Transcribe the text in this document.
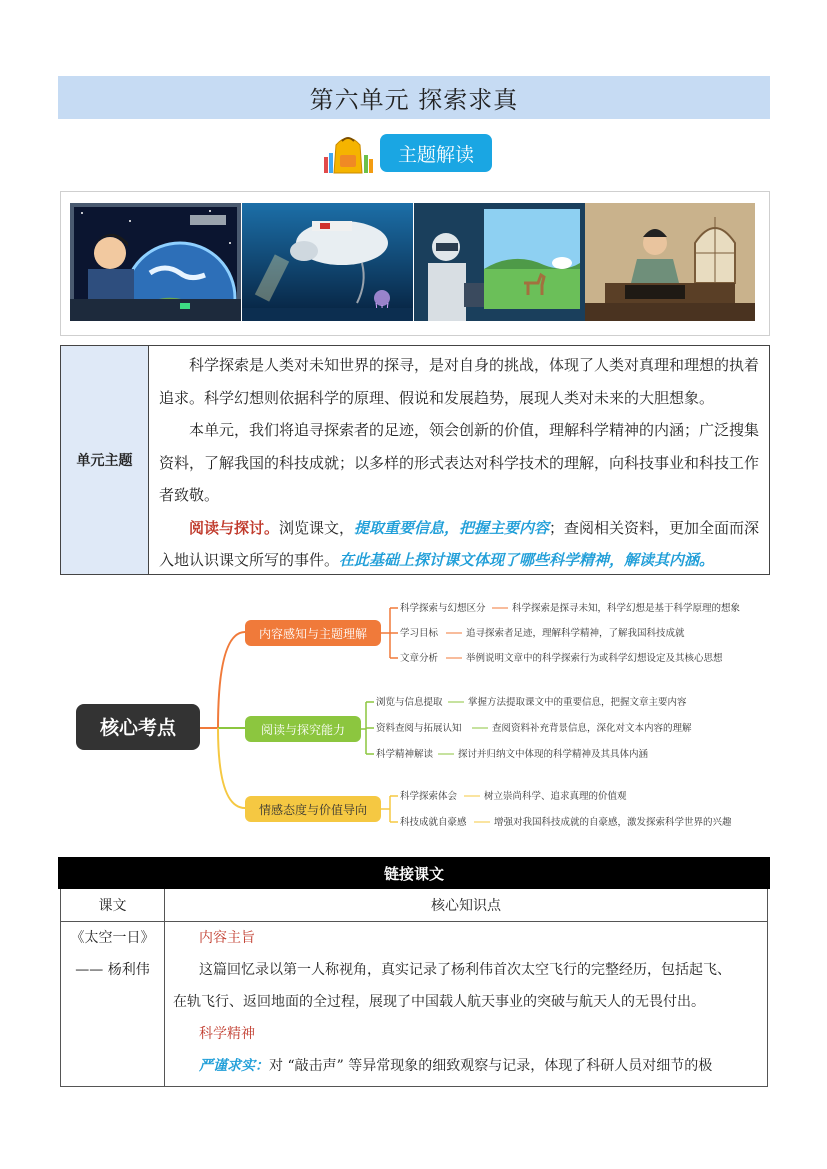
第六单元 探索求真
主题解读
单元主题

科学探索是人类对未知世界的探寻，是对自身的挑战，体现了人类对真理和理想的执着追求。科学幻想则依据科学的原理、假说和发展趋势，展现人类对未来的大胆想象。

本单元，我们将追寻探索者的足迹，领会创新的价值，理解科学精神的内涵；广泛搜集资料，了解我国的科技成就；以多样的形式表达对科学技术的理解，向科技事业和科技工作者致敬。

阅读与探讨。浏览课文，提取重要信息，把握主要内容；查阅相关资料，更加全面而深入地认识课文所写的事件。在此基础上探讨课文体现了哪些科学精神，解读其内涵。

核心考点
内容感知与主题理解
科学探索与幻想区分	科学探索是探寻未知，科学幻想是基于科学原理的想象
学习目标	追寻探索者足迹，理解科学精神，了解我国科技成就
文章分析	举例说明文章中的科学探索行为或科学幻想设定及其核心思想
阅读与探究能力
浏览与信息提取	掌握方法提取课文中的重要信息，把握文章主要内容
资料查阅与拓展认知	查阅资料补充背景信息，深化对文本内容的理解
科学精神解读	探讨并归纳文中体现的科学精神及其具体内涵
情感态度与价值导向
科学探索体会	树立崇尚科学、追求真理的价值观
科技成就自豪感	增强对我国科技成就的自豪感，激发探索科学世界的兴趣
链接课文
课文	核心知识点
《太空一日》
—— 杨利伟
内容主旨
这篇回忆录以第一人称视角，真实记录了杨利伟首次太空飞行的完整经历，包括起飞、
在轨飞行、返回地面的全过程，展现了中国载人航天事业的突破与航天人的无畏付出。
科学精神
严谨求实：对 “敲击声” 等异常现象的细致观察与记录，体现了科研人员对细节的极
